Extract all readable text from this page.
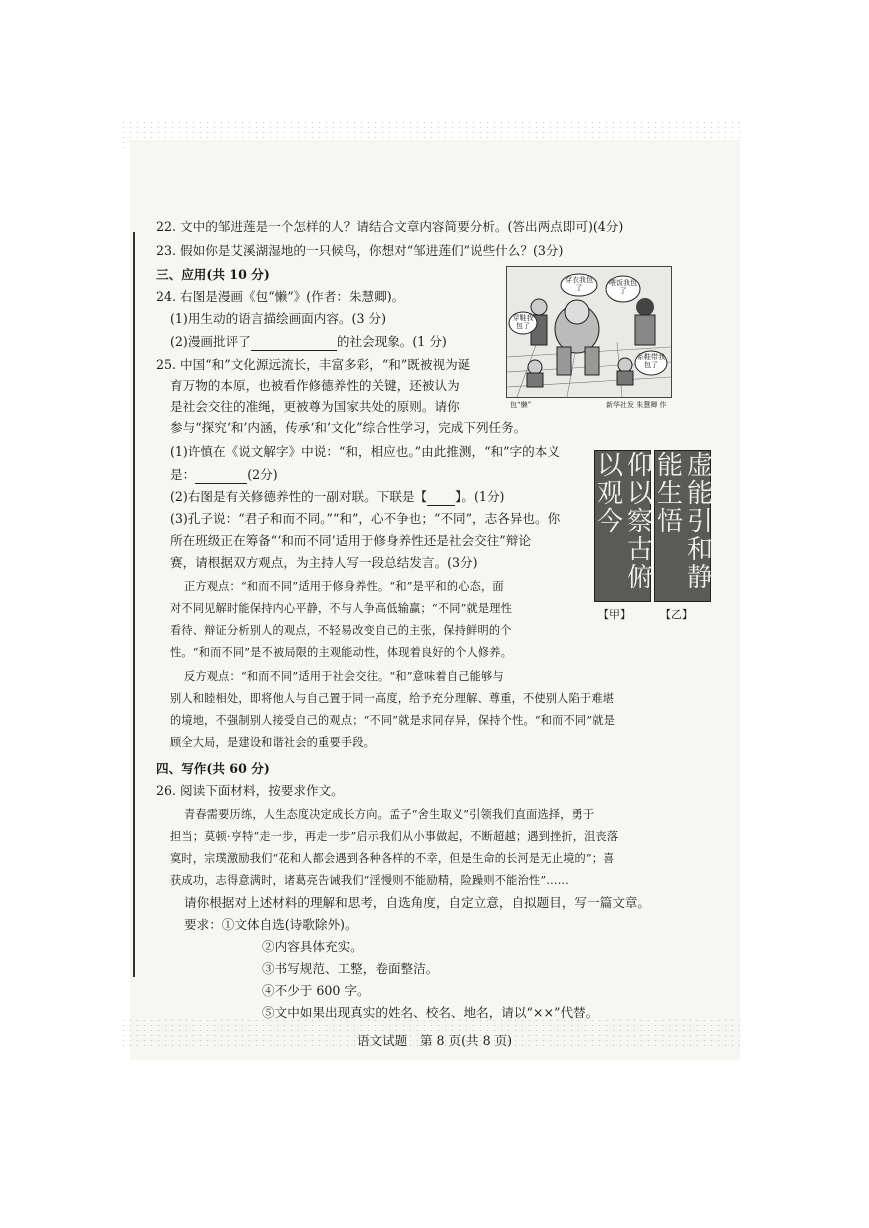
22. 文中的邹进莲是一个怎样的人？请结合文章内容简要分析。(答出两点即可)(4分)
23. 假如你是艾溪湖湿地的一只候鸟，你想对“邹进莲们”说些什么？(3分)
三、应用(共 10 分)
24. 右图是漫画《包“懒”》(作者：朱慧卿)。
(1)用生动的语言描绘画面内容。(3 分)
(2)漫画批评了	的社会现象。(1 分)
穿衣我包了
喂饭我包了
穿鞋我包了
系鞋带我包了
包“懒”	新华社发 朱慧卿 作
25. 中国“和”文化源远流长，丰富多彩，“和”既被视为诞
育万物的本原，也被看作修德养性的关键，还被认为
是社会交往的准绳，更被尊为国家共处的原则。请你
参与“探究‘和’内涵，传承‘和’文化”综合性学习，完成下列任务。
(1)许慎在《说文解字》中说：“和，相应也。”由此推测，“和”字的本义
是：	(2分)
(2)右图是有关修德养性的一副对联。下联是【 】。(1分)
(3)孔子说：“君子和而不同。”“和”，心不争也；“不同”，志各异也。你
所在班级正在筹备“‘和而不同’适用于修身养性还是社会交往”辩论
赛，请根据双方观点，为主持人写一段总结发言。(3分)
正方观点：“和而不同”适用于修身养性。“和”是平和的心态，面
对不同见解时能保持内心平静，不与人争高低输赢；“不同”就是理性
看待、辩证分析别人的观点，不轻易改变自己的主张，保持鲜明的个
性。“和而不同”是不被局限的主观能动性，体现着良好的个人修养。
反方观点：“和而不同”适用于社会交往。“和”意味着自己能够与
别人和睦相处，即将他人与自己置于同一高度，给予充分理解、尊重，不使别人陷于难堪
的境地，不强制别人接受自己的观点；“不同”就是求同存异，保持个性。“和而不同”就是
顾全大局，是建设和谐社会的重要手段。
仰以察古俯以观今	虚能引和静能生悟
【甲】	【乙】
四、写作(共 60 分)
26. 阅读下面材料，按要求作文。
青春需要历练，人生态度决定成长方向。孟子“舍生取义”引领我们直面选择，勇于
担当；莫顿·亨特“走一步，再走一步”启示我们从小事做起，不断超越；遇到挫折，沮丧落
寞时，宗璞激励我们“花和人都会遇到各种各样的不幸，但是生命的长河是无止境的”；喜
获成功，志得意满时，诸葛亮告诫我们“淫慢则不能励精，险躁则不能治性”……
请你根据对上述材料的理解和思考，自选角度，自定立意，自拟题目，写一篇文章。
要求：①文体自选(诗歌除外)。
②内容具体充实。
③书写规范、工整，卷面整洁。
④不少于 600 字。
⑤文中如果出现真实的姓名、校名、地名，请以“××”代替。
语文试题　第 8 页(共 8 页)
